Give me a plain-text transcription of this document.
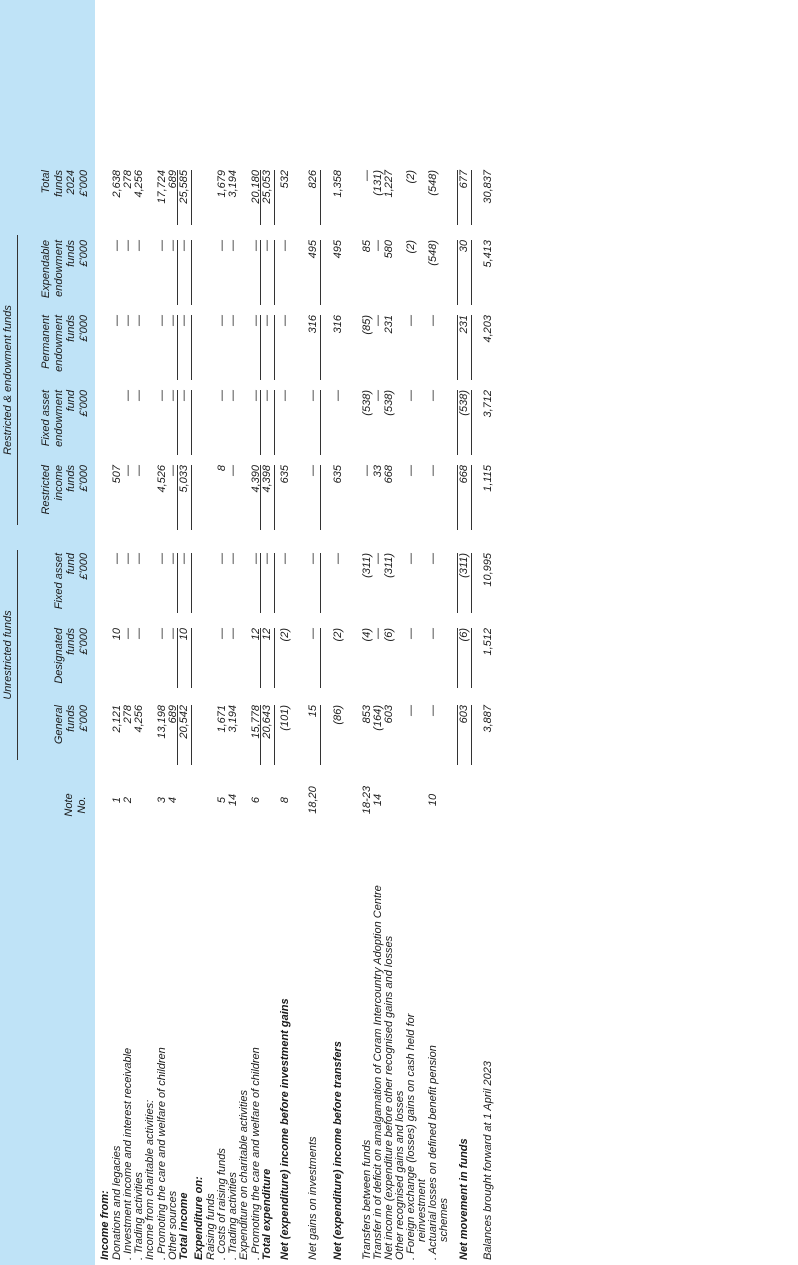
Unrestricted funds
Restricted & endowment funds
Note No.
General funds £'000
Designated funds £'000
Fixed asset fund £'000
Restricted income funds £'000
Fixed asset endowment fund £'000
Permanent endowment funds £'000
Expendable endowment funds £'000
Total funds 2024 £'000
Income from: Donations and legacies
1
2,121
10
—
507
—
—
2,638
. Investment income and interest receivable
2
278
—
—
—
—
—
—
278
. Trading activities
4,256
—
—
—
—
—
—
4,256
Income from charitable activities: . Promoting the care and welfare of children
3
13,198
—
—
4,526
—
—
—
17,724
Other sources
4
689
—
—
—
—
—
—
689
Total income
20,542
10
—
5,033
—
—
—
25,585
Expenditure on: Raising funds . Costs of raising funds
5
1,671
—
—
8
—
—
—
1,679
. Trading activities
14
3,194
—
—
—
—
—
—
3,194
Expenditure on charitable activities . Promoting the care and welfare of children
6
15,778
12
—
4,390
—
—
—
20,180
Total expenditure
20,643
12
—
4,398
—
—
—
25,053
Net (expenditure) income before investment gains
8
(101)
(2)
—
635
—
—
—
532
Net gains on investments
18,20
15
—
—
—
—
316
495
826
Net (expenditure) income before transfers
(86)
(2)
—
635
—
316
495
1,358
Transfers between funds
18-23
853
(4)
(311)
—
(538)
(85)
85
—
Transfer in of deficit on amalgamation of Coram Intercountry Adoption Centre
14
(164)
—
—
33
—
—
—
(131)
Net income (expenditure before other recognised gains and losses
603
(6)
(311)
668
(538)
231
580
1,227
Other recognised gains and losses . Foreign exchange (losses) gains on cash held for
—
—
—
—
—
—
(2)
(2)
reinvestment . Actuarial losses on defined benefit pension
10
—
—
—
—
—
—
(548)
(548)
schemes Net movement in funds
603
(6)
(311)
668
(538)
231
30
677
Balances brought forward at 1 April 2023
3,887
1,512
10,995
1,115
3,712
4,203
5,413
30,837
